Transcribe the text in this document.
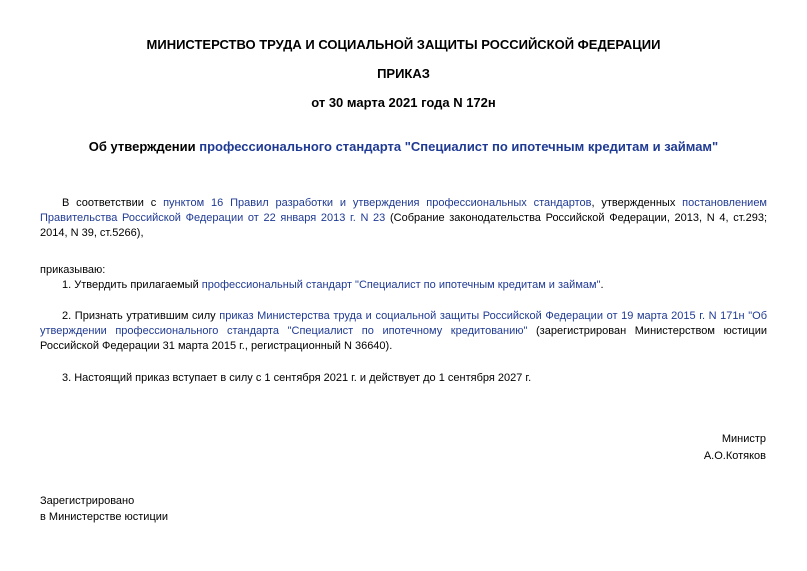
МИНИСТЕРСТВО ТРУДА И СОЦИАЛЬНОЙ ЗАЩИТЫ РОССИЙСКОЙ ФЕДЕРАЦИИ
ПРИКАЗ
от 30 марта 2021 года N 172н
Об утверждении профессионального стандарта "Специалист по ипотечным кредитам и займам"
В соответствии с пунктом 16 Правил разработки и утверждения профессиональных стандартов, утвержденных постановлением Правительства Российской Федерации от 22 января 2013 г. N 23 (Собрание законодательства Российской Федерации, 2013, N 4, ст.293; 2014, N 39, ст.5266),
приказываю:
1. Утвердить прилагаемый профессиональный стандарт "Специалист по ипотечным кредитам и займам".
2. Признать утратившим силу приказ Министерства труда и социальной защиты Российской Федерации от 19 марта 2015 г. N 171н "Об утверждении профессионального стандарта "Специалист по ипотечному кредитованию" (зарегистрирован Министерством юстиции Российской Федерации 31 марта 2015 г., регистрационный N 36640).
3. Настоящий приказ вступает в силу с 1 сентября 2021 г. и действует до 1 сентября 2027 г.
Министр
А.О.Котяков
Зарегистрировано
в Министерстве юстиции
